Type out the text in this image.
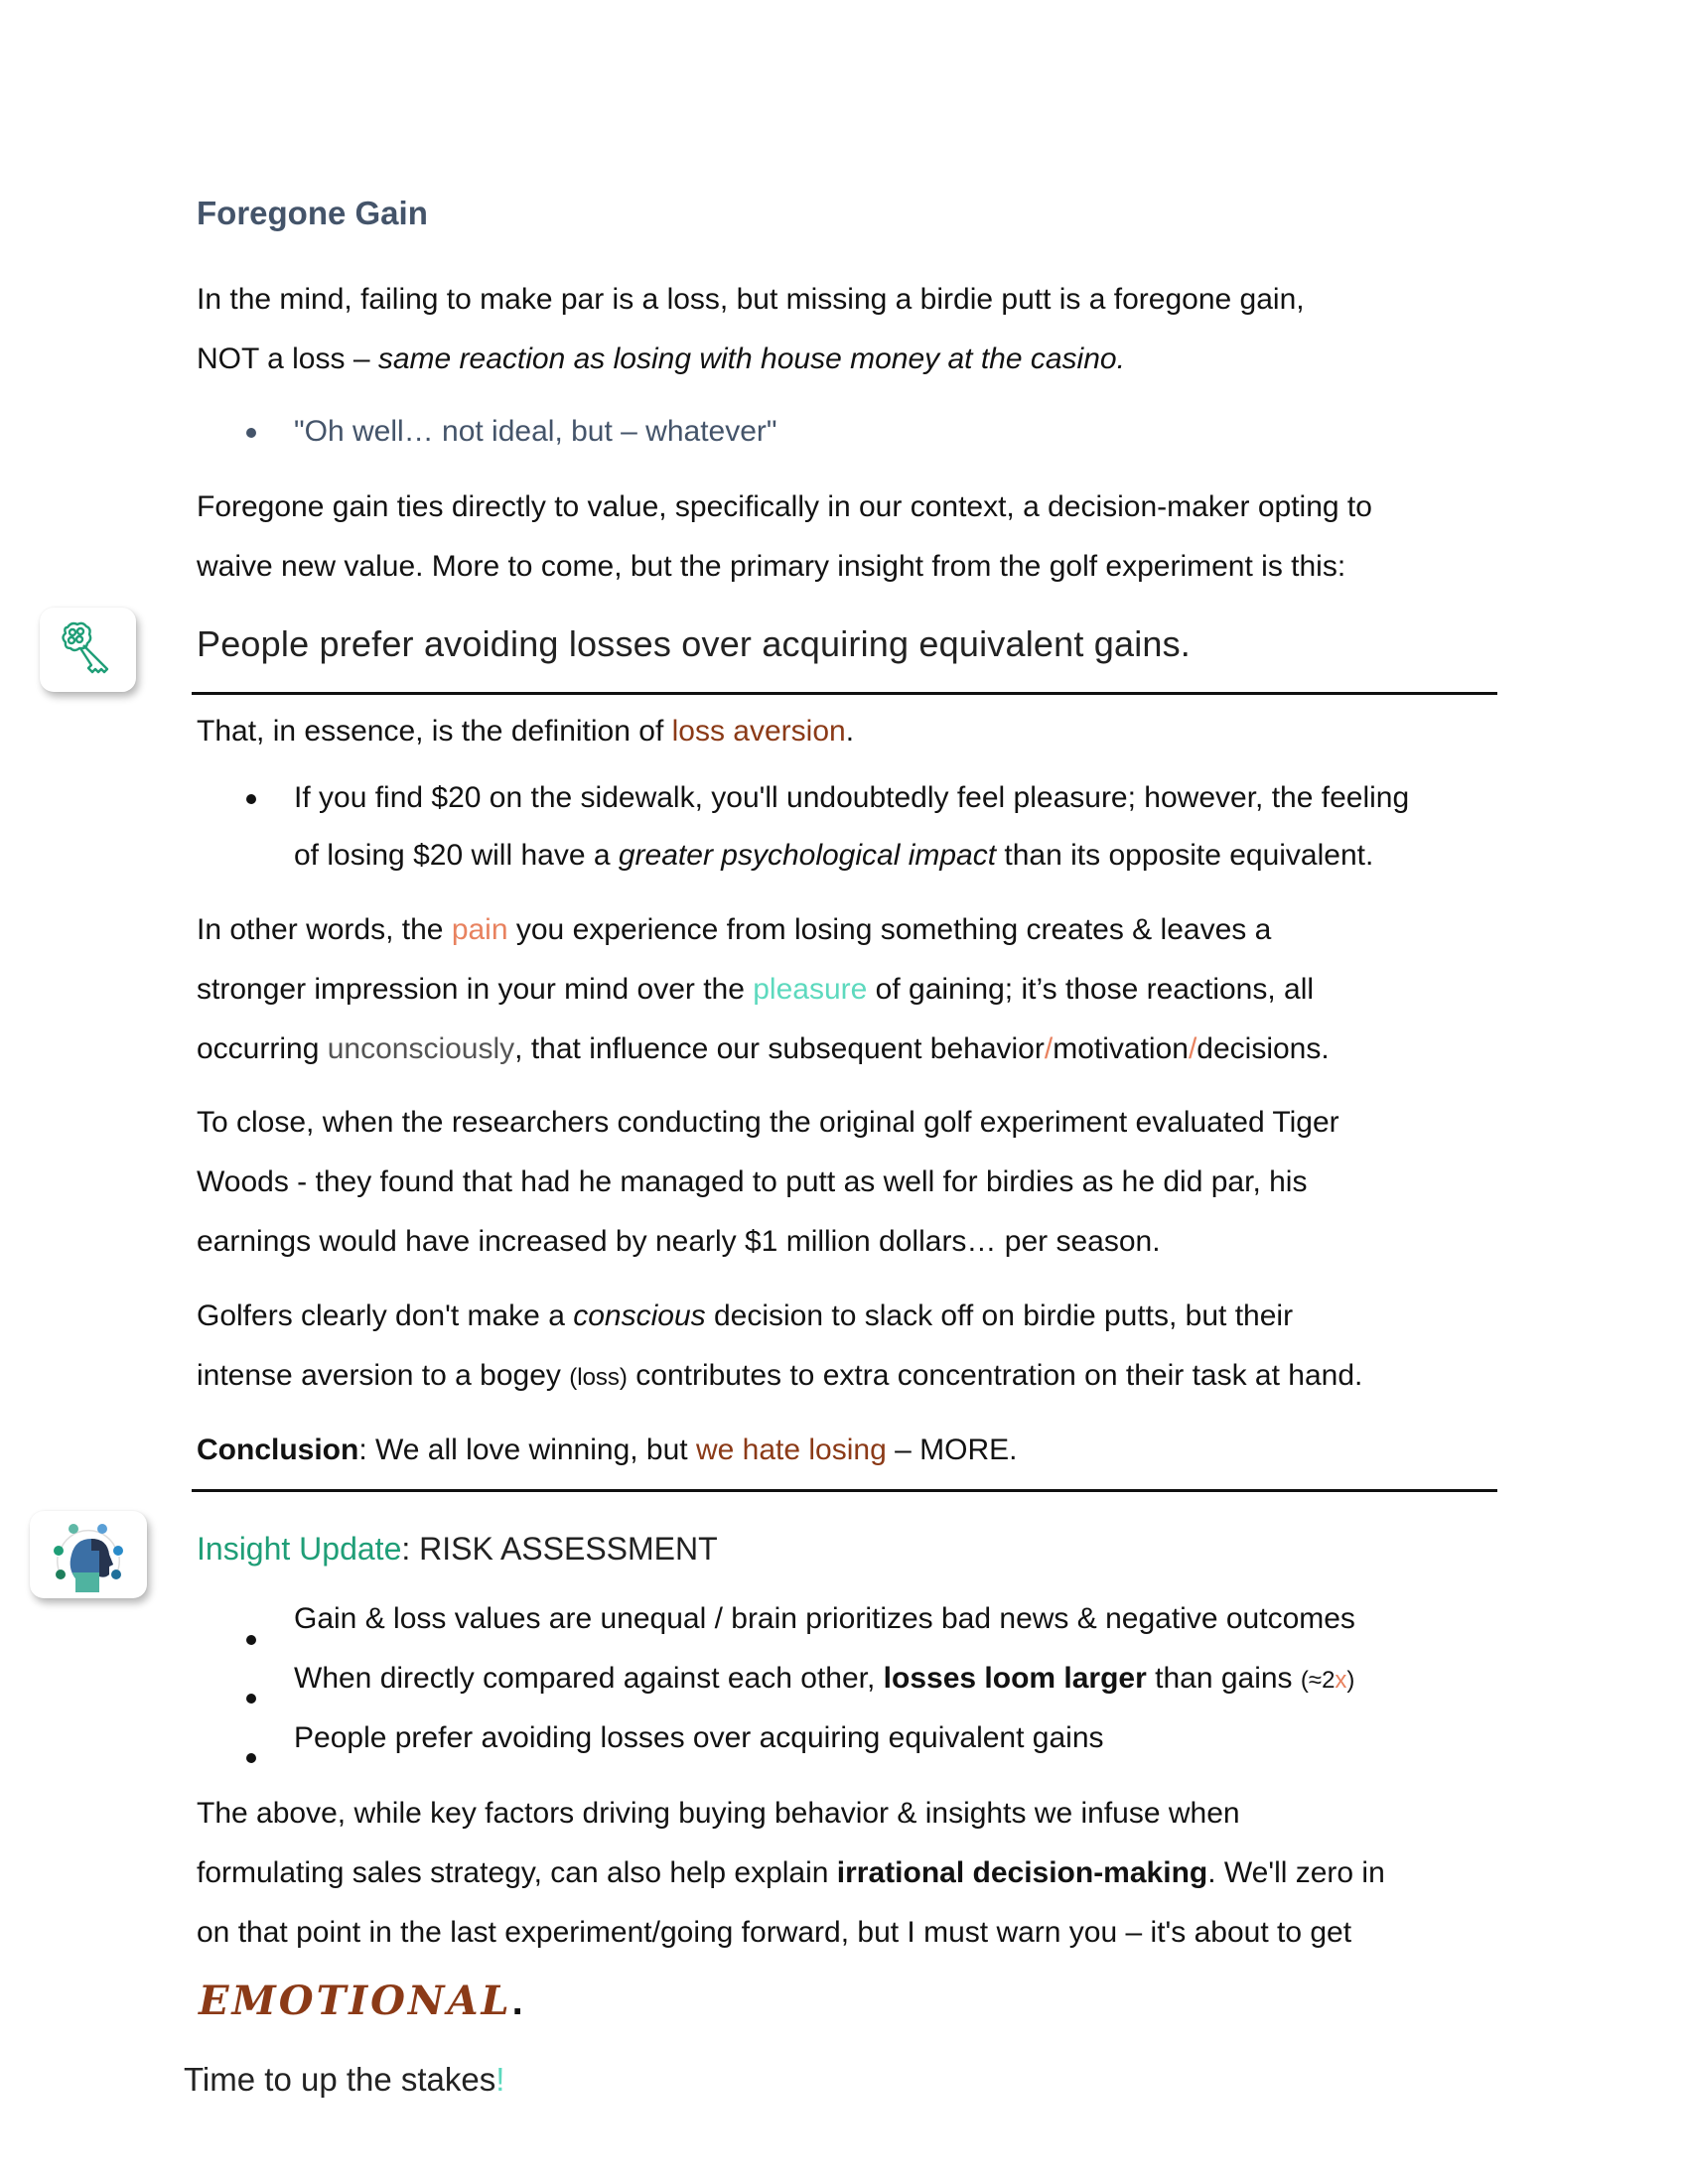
Foregone Gain
In the mind, failing to make par is a loss, but missing a birdie putt is a foregone gain,
NOT a loss – same reaction as losing with house money at the casino.
"Oh well… not ideal, but – whatever"
Foregone gain ties directly to value, specifically in our context, a decision-maker opting to
waive new value. More to come, but the primary insight from the golf experiment is this:
People prefer avoiding losses over acquiring equivalent gains.
That, in essence, is the definition of loss aversion.
If you find $20 on the sidewalk, you'll undoubtedly feel pleasure; however, the feeling
of losing $20 will have a greater psychological impact than its opposite equivalent.
In other words, the pain you experience from losing something creates & leaves a
stronger impression in your mind over the pleasure of gaining; it’s those reactions, all
occurring unconsciously, that influence our subsequent behavior/motivation/decisions.
To close, when the researchers conducting the original golf experiment evaluated Tiger
Woods - they found that had he managed to putt as well for birdies as he did par, his
earnings would have increased by nearly $1 million dollars… per season.
Golfers clearly don't make a conscious decision to slack off on birdie putts, but their
intense aversion to a bogey (loss) contributes to extra concentration on their task at hand.
Conclusion: We all love winning, but we hate losing – MORE.
Insight Update: RISK ASSESSMENT
Gain & loss values are unequal / brain prioritizes bad news & negative outcomes
When directly compared against each other, losses loom larger than gains (≈2x)
People prefer avoiding losses over acquiring equivalent gains
The above, while key factors driving buying behavior & insights we infuse when
formulating sales strategy, can also help explain irrational decision-making. We'll zero in
on that point in the last experiment/going forward, but I must warn you – it's about to get
EMOTIONAL.
Time to up the stakes!
